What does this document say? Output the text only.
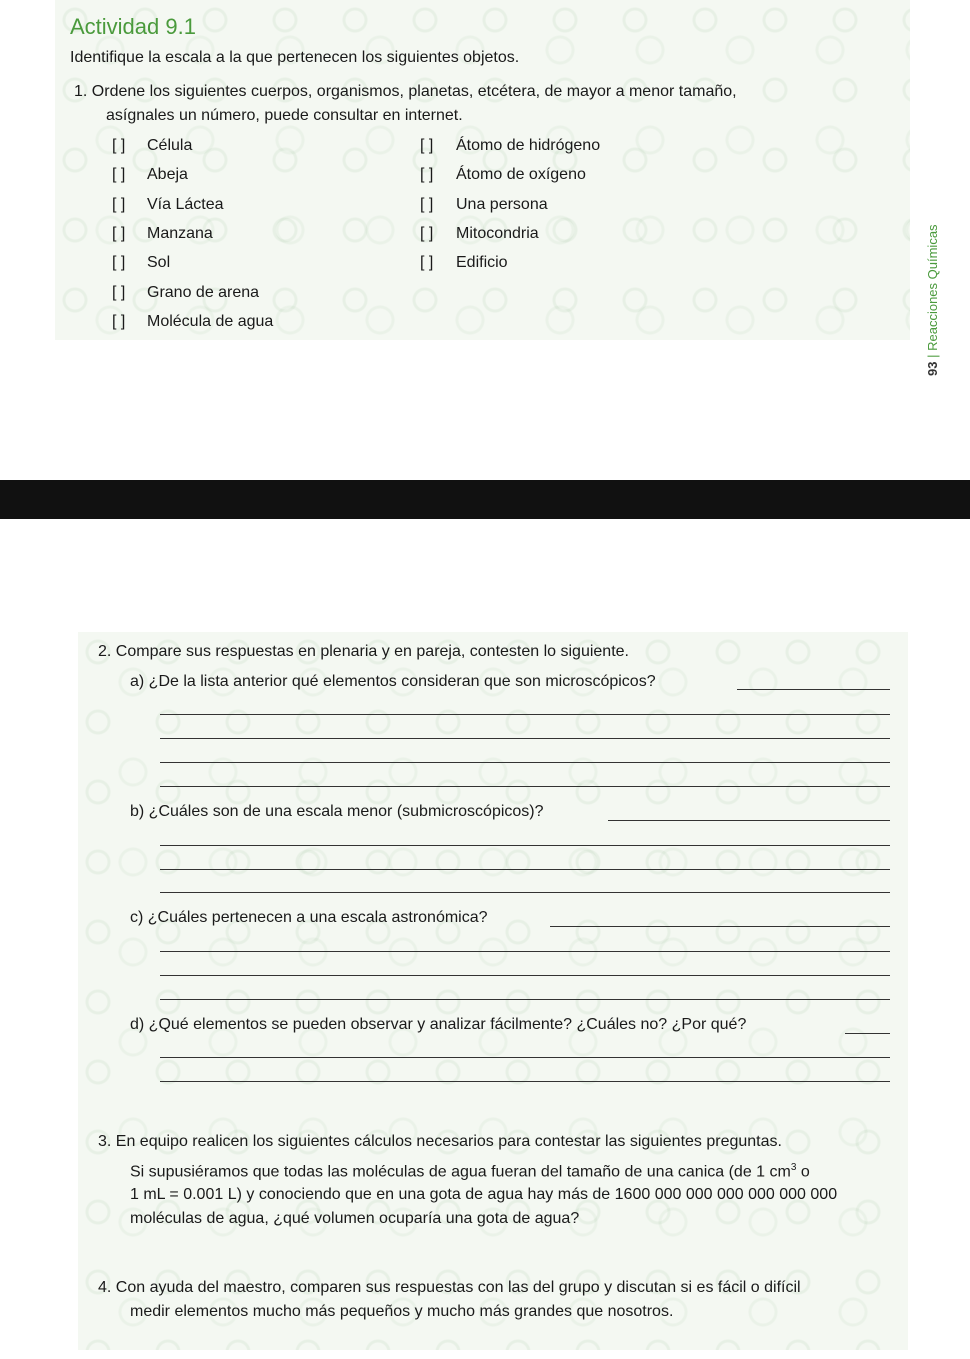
Actividad 9.1
Identifique la escala a la que pertenecen los siguientes objetos.
1. Ordene los siguientes cuerpos, organismos, planetas, etcétera, de mayor a menor tamaño,
asígnales un número, puede consultar en internet.
[ ] Célula
[ ] Abeja
[ ] Vía Láctea
[ ] Manzana
[ ] Sol
[ ] Grano de arena
[ ] Molécula de agua
[ ] Átomo de hidrógeno
[ ] Átomo de oxígeno
[ ] Una persona
[ ] Mitocondria
[ ] Edificio
93 | Reacciones Químicas
2. Compare sus respuestas en plenaria y en pareja, contesten lo siguiente.
a) ¿De la lista anterior qué elementos consideran que son microscópicos?
b) ¿Cuáles son de una escala menor (submicroscópicos)?
c) ¿Cuáles pertenecen a una escala astronómica?
d) ¿Qué elementos se pueden observar y analizar fácilmente? ¿Cuáles no? ¿Por qué?
3. En equipo realicen los siguientes cálculos necesarios para contestar las siguientes preguntas.
Si supusiéramos que todas las moléculas de agua fueran del tamaño de una canica (de 1 $cm^3$ o
1 mL = 0.001 L) y conociendo que en una gota de agua hay más de 1600 000 000 000 000 000 000
moléculas de agua, ¿qué volumen ocuparía una gota de agua?
4. Con ayuda del maestro, comparen sus respuestas con las del grupo y discutan si es fácil o difícil
medir elementos mucho más pequeños y mucho más grandes que nosotros.
